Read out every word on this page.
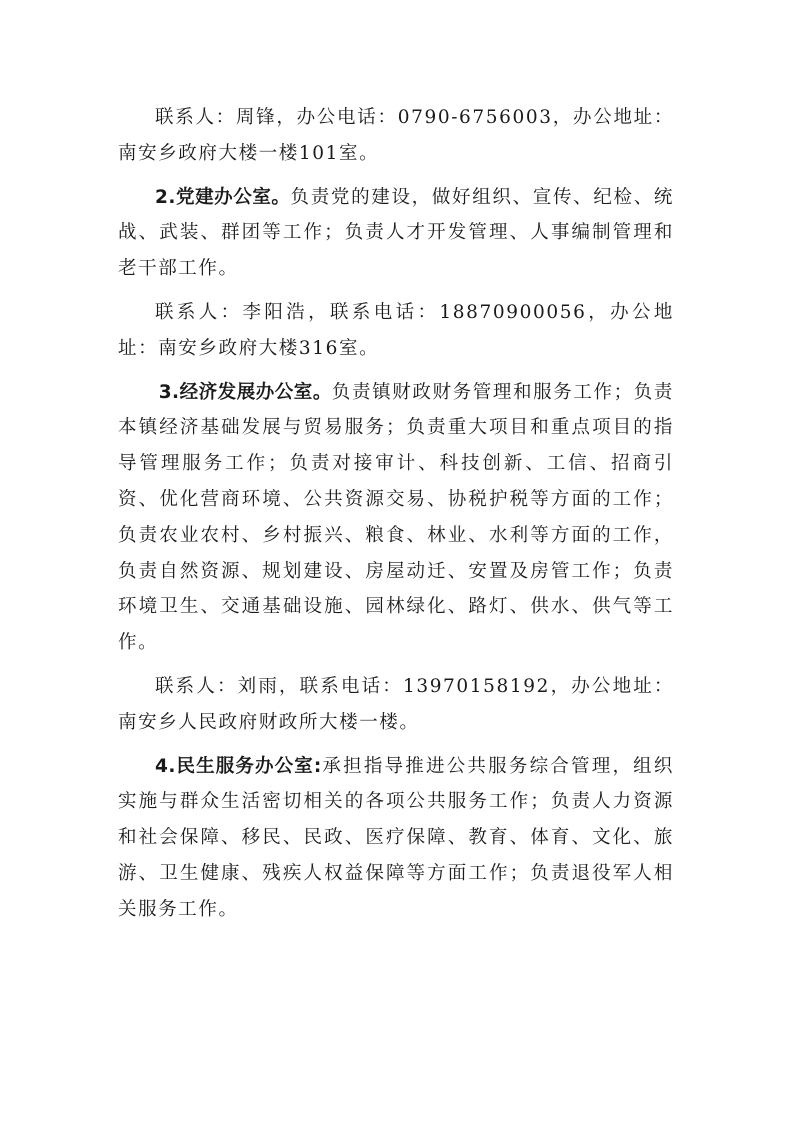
联系人：周锋，办公电话：0790-6756003，办公地址：南安乡政府大楼一楼101室。

2.党建办公室。负责党的建设，做好组织、宣传、纪检、统战、武装、群团等工作；负责人才开发管理、人事编制管理和老干部工作。

联系人：李阳浩，联系电话：18870900056，办公地址：南安乡政府大楼316室。

3.经济发展办公室。负责镇财政财务管理和服务工作；负责本镇经济基础发展与贸易服务；负责重大项目和重点项目的指导管理服务工作；负责对接审计、科技创新、工信、招商引资、优化营商环境、公共资源交易、协税护税等方面的工作；负责农业农村、乡村振兴、粮食、林业、水利等方面的工作，负责自然资源、规划建设、房屋动迁、安置及房管工作；负责环境卫生、交通基础设施、园林绿化、路灯、供水、供气等工作。

联系人：刘雨，联系电话：13970158192，办公地址：南安乡人民政府财政所大楼一楼。

4.民生服务办公室:承担指导推进公共服务综合管理，组织实施与群众生活密切相关的各项公共服务工作；负责人力资源和社会保障、移民、民政、医疗保障、教育、体育、文化、旅游、卫生健康、残疾人权益保障等方面工作；负责退役军人相关服务工作。
